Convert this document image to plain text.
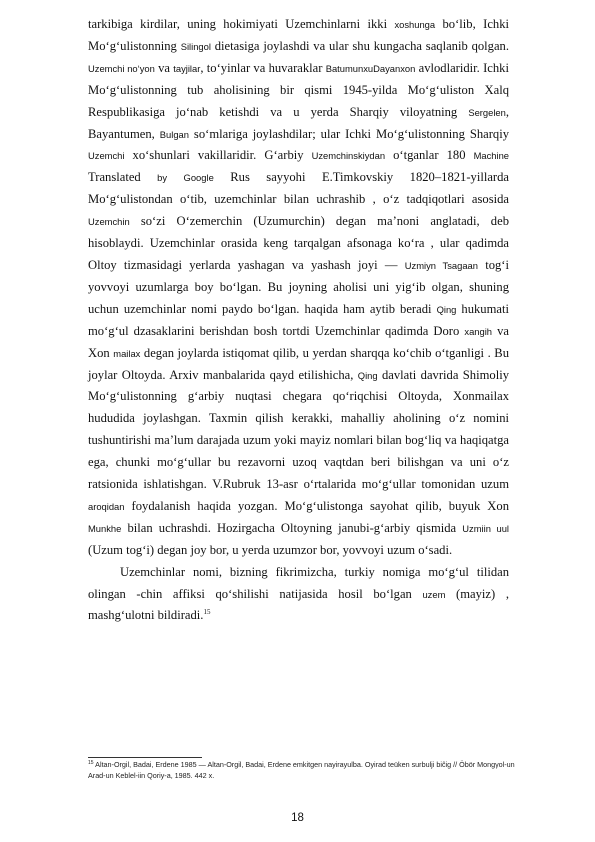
tarkibiga kirdilar, uning hokimiyati Uzemchinlarni ikki xoshunga bo‘lib, Ichki Mo‘g‘ulistonning Silingol dietasiga joylashdi va ular shu kungacha saqlanib qolgan. Uzemchi no‘yon va tayjilar, to‘yinlar va huvaraklar BatumunxuDayanxon avlodlaridir. Ichki Mo‘g‘ulistonning tub aholisining bir qismi 1945-yilda Mo‘g‘uliston Xalq Respublikasiga jo‘nab ketishdi va u yerda Sharqiy viloyatning Sergelen, Bayantumen, Bulgan so‘mlariga joylashdilar; ular Ichki Mo‘g‘ulistonning Sharqiy Uzemchi xo‘shunlari vakillaridir. G‘arbiy Uzemchinskiydan o‘tganlar 180 Machine Translated by Google Rus sayyohi E.Timkovskiy 1820–1821-yillarda Mo‘g‘ulistondan o‘tib, uzemchinlar bilan uchrashib , o‘z tadqiqotlari asosida Uzemchin so‘zi O‘zemerchin (Uzumurchin) degan ma’noni anglatadi, deb hisoblaydi. Uzemchinlar orasida keng tarqalgan afsonaga ko‘ra , ular qadimda Oltoy tizmasidagi yerlarda yashagan va yashash joyi — Uzmiyn Tsagaan tog‘i yovvoyi uzumlarga boy bo‘lgan. Bu joyning aholisi uni yig‘ib olgan, shuning uchun uzemchinlar nomi paydo bo‘lgan. haqida ham aytib beradi Qing hukumati mo‘g‘ul dzasaklarini berishdan bosh tortdi Uzemchinlar qadimda Doro xangih va Xon mailax degan joylarda istiqomat qilib, u yerdan sharqqa ko‘chib o‘tganligi . Bu joylar Oltoyda. Arxiv manbalarida qayd etilishicha, Qing davlati davrida Shimoliy Mo‘g‘ulistonning g‘arbiy nuqtasi chegara qo‘riqchisi Oltoyda, Xonmailax hududida joylashgan. Taxmin qilish kerakki, mahalliy aholining o‘z nomini tushuntirishi ma’lum darajada uzum yoki mayiz nomlari bilan bog‘liq va haqiqatga ega, chunki mo‘g‘ullar bu rezavorni uzoq vaqtdan beri bilishgan va uni o‘z ratsionida ishlatishgan. V.Rubruk 13-asr o‘rtalarida mo‘g‘ullar tomonidan uzum aroqidan foydalanish haqida yozgan. Mo‘g‘ulistonga sayohat qilib, buyuk Xon Munkhe bilan uchrashdi. Hozirgacha Oltoyning janubi-g‘arbiy qismida Uzmiin uul (Uzum tog‘i) degan joy bor, u yerda uzumzor bor, yovvoyi uzum o‘sadi.

Uzemchinlar nomi, bizning fikrimizcha, turkiy nomiga mo‘g‘ul tilidan olingan -chin affiksi qo‘shilishi natijasida hosil bo‘lgan uzem (mayiz) , mashg‘ulotni bildiradi.$^{15}$

$^{15}$ Altan-Orgil, Badai, Erdene 1985 — Altan-Orgil, Badai, Erdene emkitgen nayirayulba. Oyirad teüken surbulji biĉig // Öbör Mongγol-un Arad-un Keblel-iin Qoriy-a, 1985. 442 x.
18
